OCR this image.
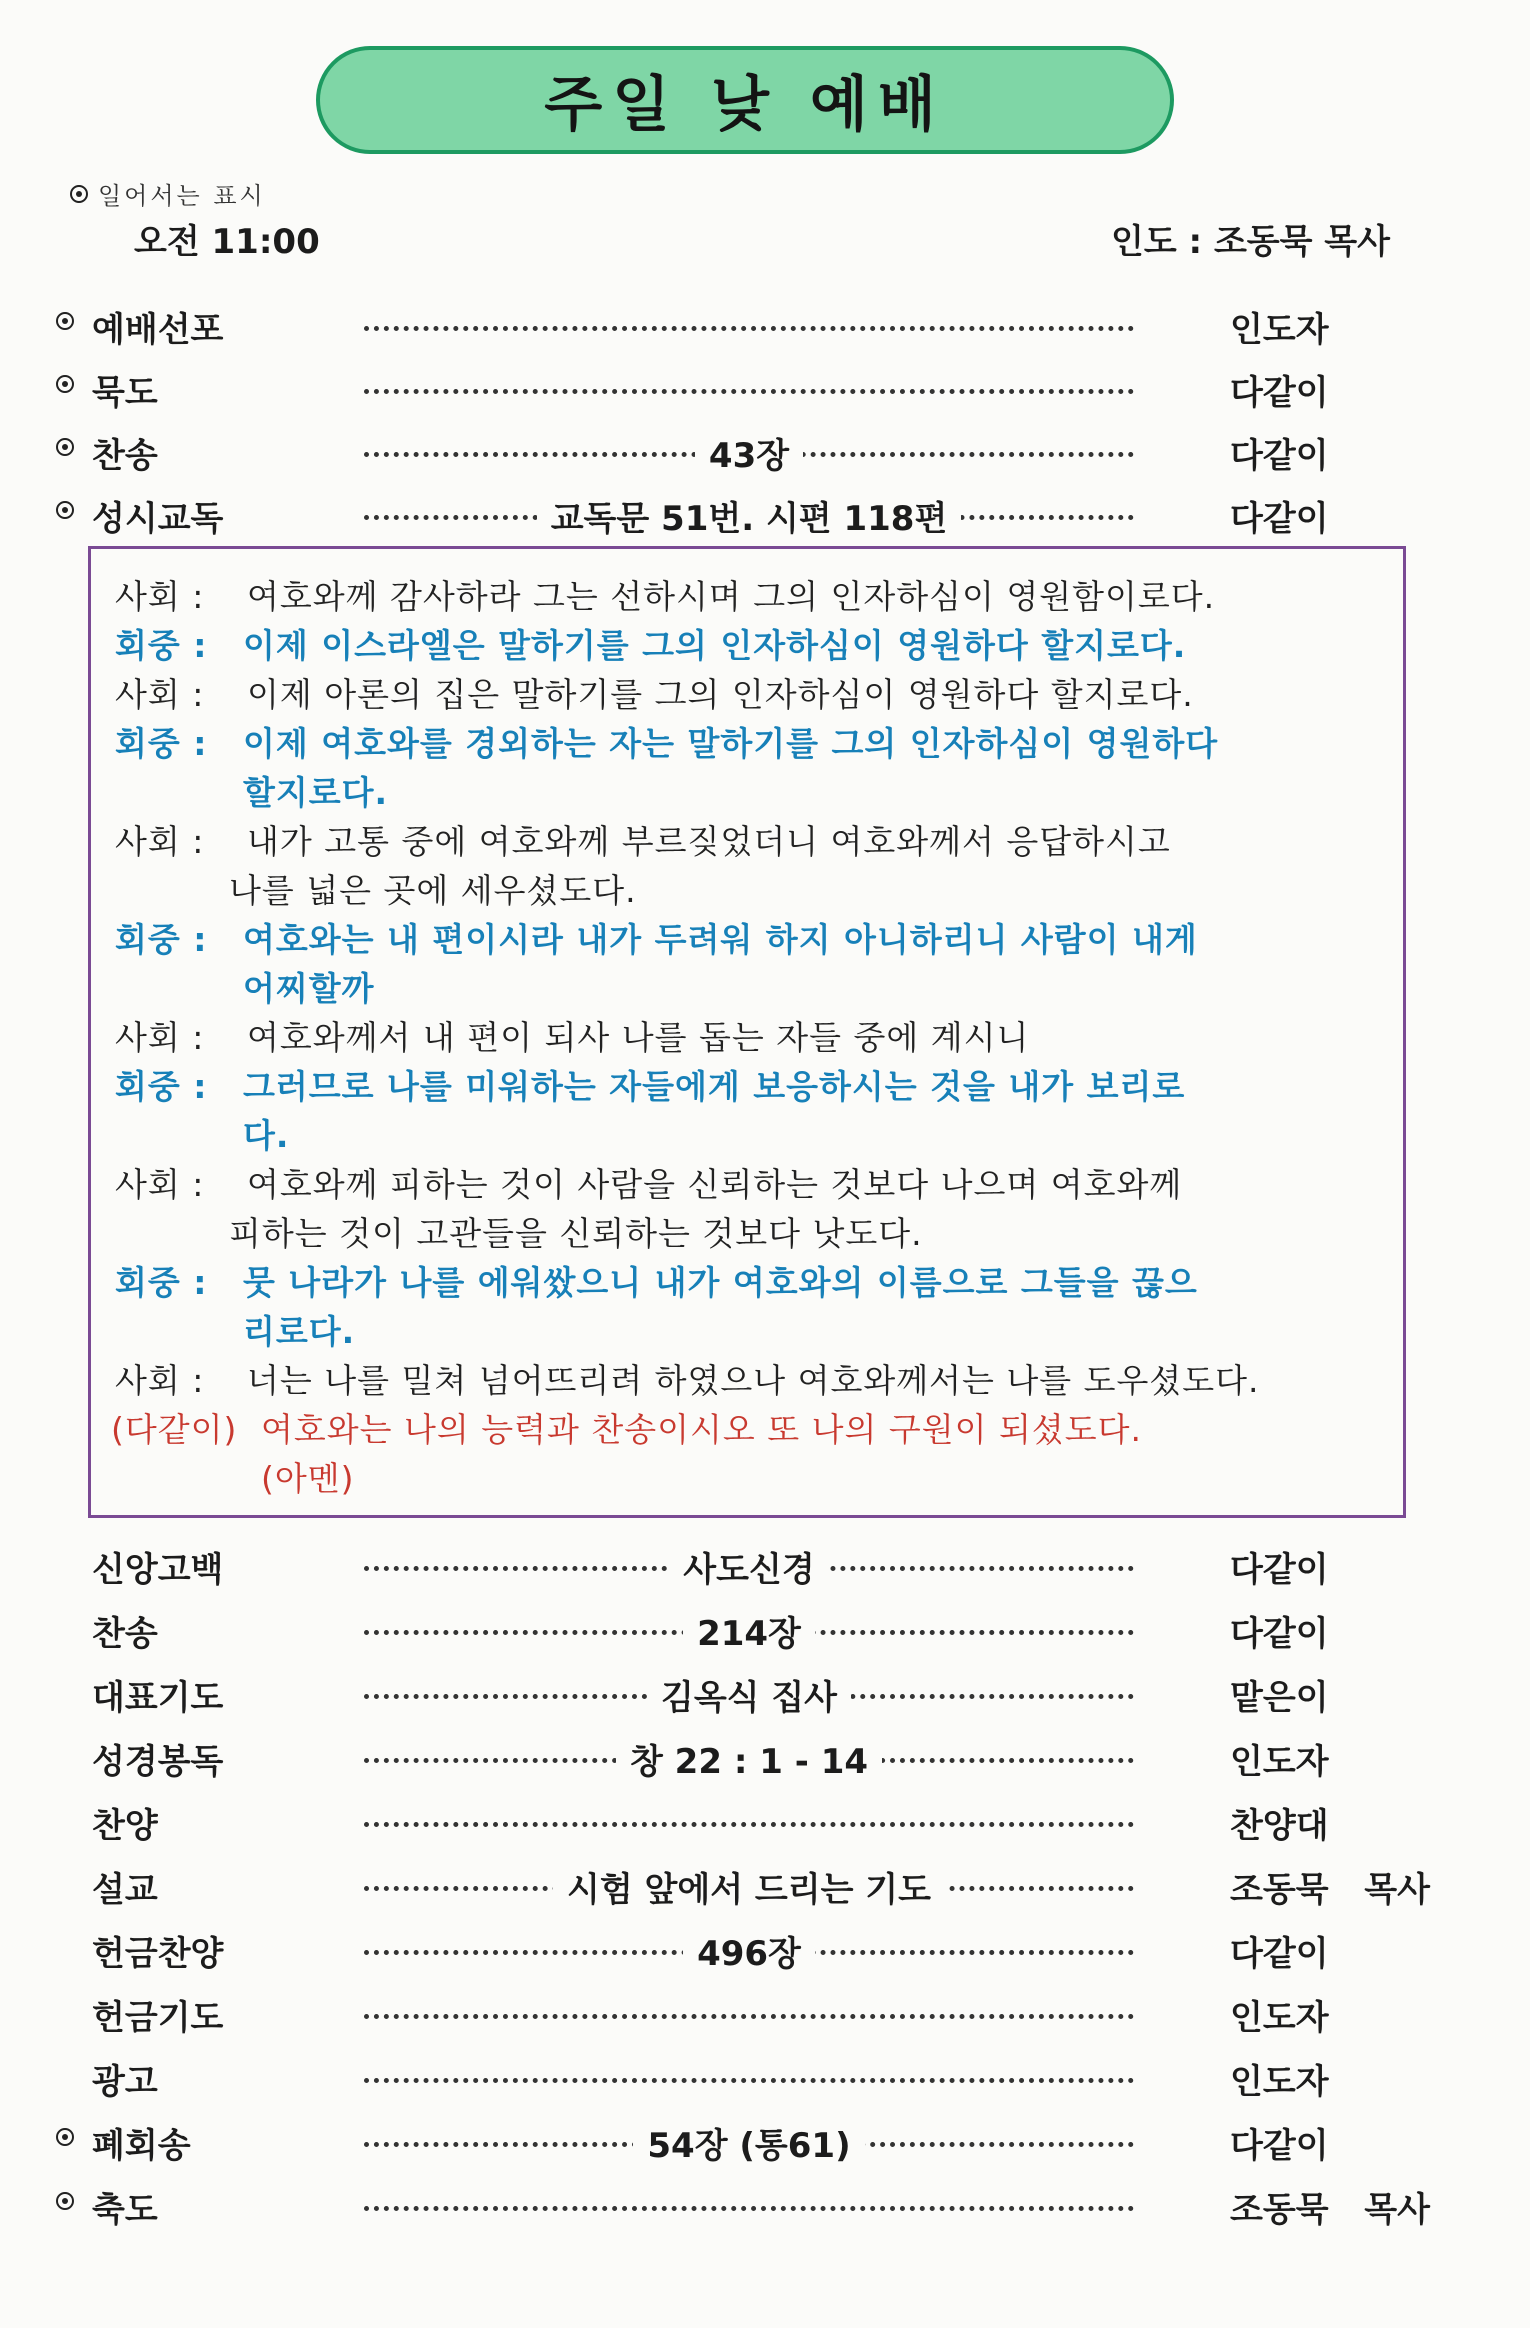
주일 낮 예배
일어서는 표시
오전 11:00	인도 : 조동묵 목사
예배선포	인도자
묵도	다같이
찬송	43장	다같이
성시교독	교독문 51번. 시편 118편	다같이
사회 : 여호와께 감사하라 그는 선하시며 그의 인자하심이 영원함이로다.
회중 : 이제 이스라엘은 말하기를 그의 인자하심이 영원하다 할지로다.
사회 : 이제 아론의 집은 말하기를 그의 인자하심이 영원하다 할지로다.
회중 : 이제 여호와를 경외하는 자는 말하기를 그의 인자하심이 영원하다
할지로다.
사회 : 내가 고통 중에 여호와께 부르짖었더니 여호와께서 응답하시고
나를 넓은 곳에 세우셨도다.
회중 : 여호와는 내 편이시라 내가 두려워 하지 아니하리니 사람이 내게
어찌할까
사회 : 여호와께서 내 편이 되사 나를 돕는 자들 중에 계시니
회중 : 그러므로 나를 미워하는 자들에게 보응하시는 것을 내가 보리로
다.
사회 : 여호와께 피하는 것이 사람을 신뢰하는 것보다 나으며 여호와께
피하는 것이 고관들을 신뢰하는 것보다 낫도다.
회중 : 뭇 나라가 나를 에워쌌으니 내가 여호와의 이름으로 그들을 끊으
리로다.
사회 : 너는 나를 밀쳐 넘어뜨리려 하였으나 여호와께서는 나를 도우셨도다.
(다같이) 여호와는 나의 능력과 찬송이시오 또 나의 구원이 되셨도다.
(아멘)
신앙고백	사도신경	다같이
찬송	214장	다같이
대표기도	김옥식 집사	맡은이
성경봉독	창 22 : 1 - 14	인도자
찬양	찬양대
설교	시험 앞에서 드리는 기도	조동묵 목사
헌금찬양	496장	다같이
헌금기도	인도자
광고	인도자
폐회송	54장 (통61)	다같이
축도	조동묵 목사
